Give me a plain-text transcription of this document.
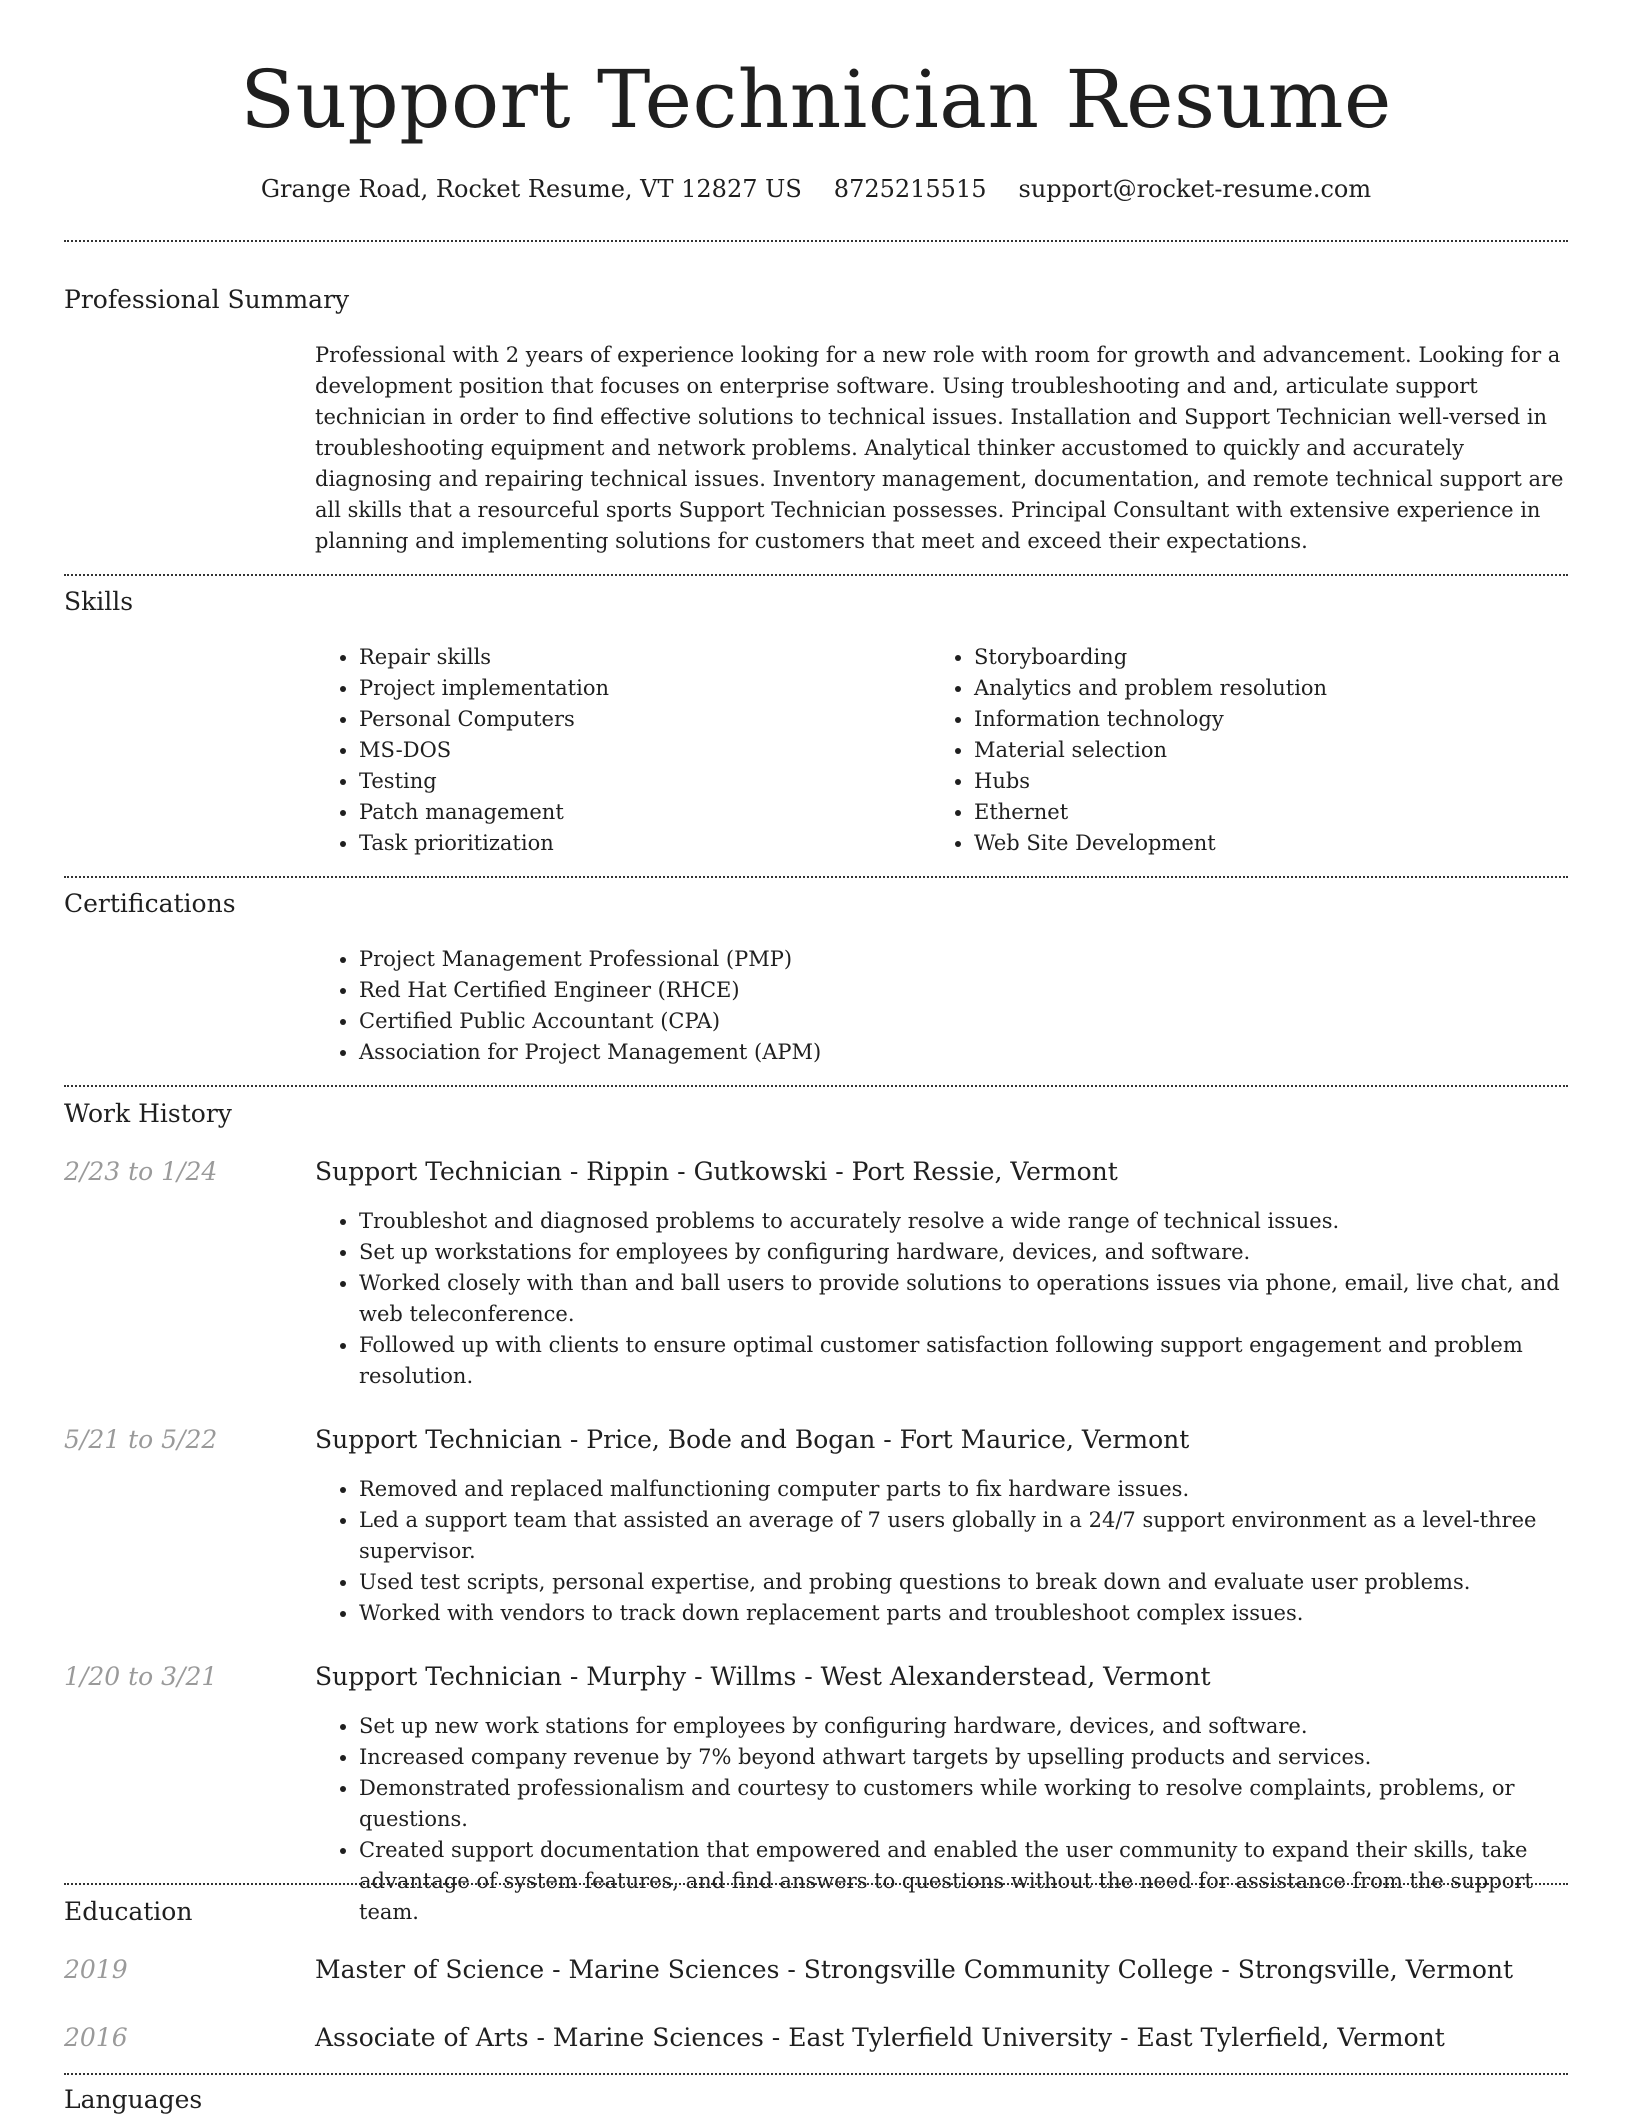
Support Technician Resume
Grange Road, Rocket Resume, VT 12827 US 8725215515 support@rocket-resume.com
Professional Summary

Professional with 2 years of experience looking for a new role with room for growth and advancement. Looking for a development position that focuses on enterprise software. Using troubleshooting and and, articulate support technician in order to find effective solutions to technical issues. Installation and Support Technician well-versed in troubleshooting equipment and network problems. Analytical thinker accustomed to quickly and accurately diagnosing and repairing technical issues. Inventory management, documentation, and remote technical support are all skills that a resourceful sports Support Technician possesses. Principal Consultant with extensive experience in planning and implementing solutions for customers that meet and exceed their expectations.

Skills
• Repair skills
• Project implementation
• Personal Computers
• MS-DOS
• Testing
• Patch management
• Task prioritization
• Storyboarding
• Analytics and problem resolution
• Information technology
• Material selection
• Hubs
• Ethernet
• Web Site Development
Certifications
• Project Management Professional (PMP)
• Red Hat Certified Engineer (RHCE)
• Certified Public Accountant (CPA)
• Association for Project Management (APM)
Work History
2/23 to 1/24	Support Technician - Rippin - Gutkowski - Port Ressie, Vermont
• Troubleshot and diagnosed problems to accurately resolve a wide range of technical issues.
• Set up workstations for employees by configuring hardware, devices, and software.
• Worked closely with than and ball users to provide solutions to operations issues via phone, email, live chat, and web teleconference.
• Followed up with clients to ensure optimal customer satisfaction following support engagement and problem resolution.
5/21 to 5/22	Support Technician - Price, Bode and Bogan - Fort Maurice, Vermont
• Removed and replaced malfunctioning computer parts to fix hardware issues.
• Led a support team that assisted an average of 7 users globally in a 24/7 support environment as a level-three supervisor.
• Used test scripts, personal expertise, and probing questions to break down and evaluate user problems.
• Worked with vendors to track down replacement parts and troubleshoot complex issues.
1/20 to 3/21	Support Technician - Murphy - Willms - West Alexanderstead, Vermont
• Set up new work stations for employees by configuring hardware, devices, and software.
• Increased company revenue by 7% beyond athwart targets by upselling products and services.
• Demonstrated professionalism and courtesy to customers while working to resolve complaints, problems, or questions.
• Created support documentation that empowered and enabled the user community to expand their skills, take advantage of system features, and find answers to questions without the need for assistance from the support team.
Education
2019	Master of Science - Marine Sciences - Strongsville Community College - Strongsville, Vermont
2016	Associate of Arts - Marine Sciences - East Tylerfield University - East Tylerfield, Vermont
Languages
